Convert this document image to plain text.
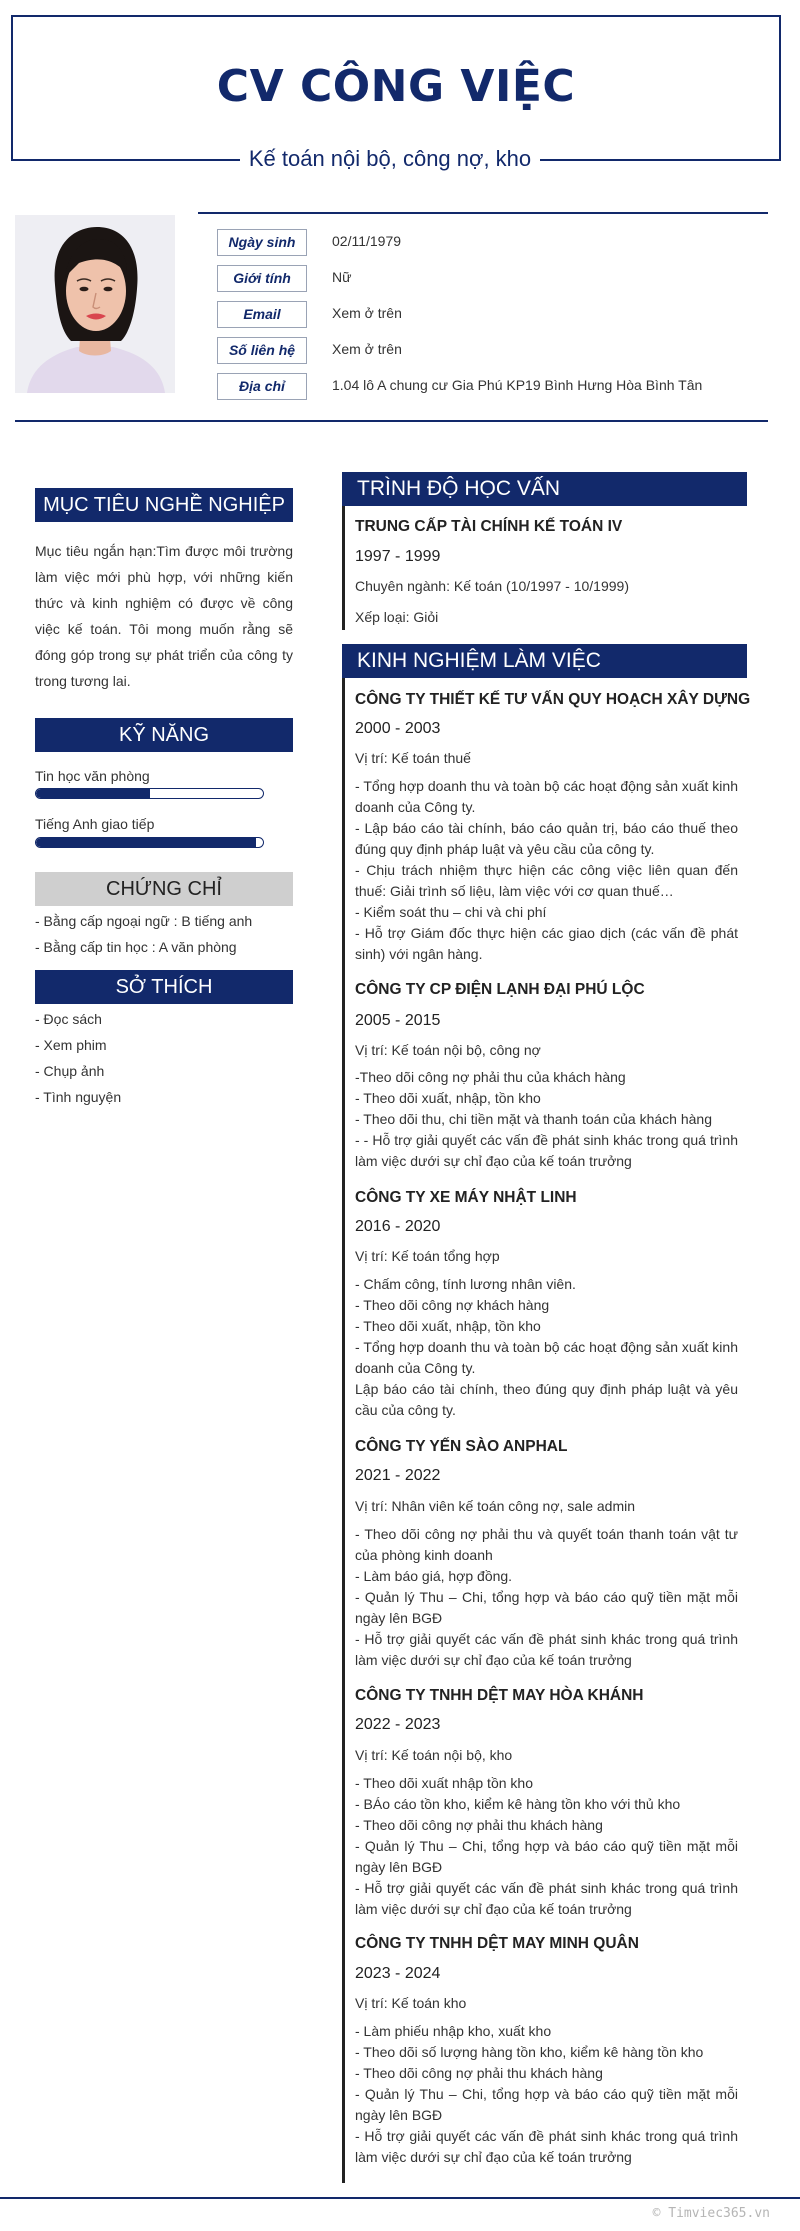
CV CÔNG VIỆC
Kế toán nội bộ, công nợ, kho
Ngày sinh	02/11/1979
Giới tính	Nữ
Email	Xem ở trên
Số liên hệ	Xem ở trên
Địa chỉ	1.04 lô A chung cư Gia Phú KP19 Bình Hưng Hòa Bình Tân
MỤC TIÊU NGHỀ NGHIỆP
Mục tiêu ngắn hạn:Tìm được môi trường làm việc mới phù hợp, với những kiến thức và kinh nghiệm có được về công việc kế toán. Tôi mong muốn rằng sẽ đóng góp trong sự phát triển của công ty trong tương lai.
KỸ NĂNG
Tin học văn phòng
Tiếng Anh giao tiếp
CHỨNG CHỈ
- Bằng cấp ngoại ngữ : B tiếng anh
- Bằng cấp tin học : A văn phòng
SỞ THÍCH
- Đọc sách
- Xem phim
- Chụp ảnh
- Tình nguyện
TRÌNH ĐỘ HỌC VẤN
TRUNG CẤP TÀI CHÍNH KẾ TOÁN IV
1997 - 1999
Chuyên ngành: Kế toán (10/1997 - 10/1999)
Xếp loại: Giỏi
KINH NGHIỆM LÀM VIỆC
CÔNG TY THIẾT KẾ TƯ VẤN QUY HOẠCH XÂY DỰNG
2000 - 2003
Vị trí: Kế toán thuế
- Tổng hợp doanh thu và toàn bộ các hoạt động sản xuất kinh doanh của Công ty.
- Lập báo cáo tài chính, báo cáo quản trị, báo cáo thuế theo đúng quy định pháp luật và yêu cầu của công ty.
- Chịu trách nhiệm thực hiện các công việc liên quan đến thuế: Giải trình số liệu, làm việc với cơ quan thuế…
- Kiểm soát thu – chi và chi phí
- Hỗ trợ Giám đốc thực hiện các giao dịch (các vấn đề phát sinh) với ngân hàng.
CÔNG TY CP ĐIỆN LẠNH ĐẠI PHÚ LỘC
2005 - 2015
Vị trí: Kế toán nội bộ, công nợ
-Theo dõi công nợ phải thu của khách hàng
- Theo dõi xuất, nhập, tồn kho
- Theo dõi thu, chi tiền mặt và thanh toán của khách hàng
- - Hỗ trợ giải quyết các vấn đề phát sinh khác trong quá trình làm việc dưới sự chỉ đạo của kế toán trưởng
CÔNG TY XE MÁY NHẬT LINH
2016 - 2020
Vị trí: Kế toán tổng hợp
- Chấm công, tính lương nhân viên.
- Theo dõi công nợ khách hàng
- Theo dõi xuất, nhập, tồn kho
- Tổng hợp doanh thu và toàn bộ các hoạt động sản xuất kinh doanh của Công ty.
Lập báo cáo tài chính, theo đúng quy định pháp luật và yêu cầu của công ty.
CÔNG TY YẾN SÀO ANPHAL
2021 - 2022
Vị trí: Nhân viên kế toán công nợ, sale admin
- Theo dõi công nợ phải thu và quyết toán thanh toán vật tư của phòng kinh doanh
- Làm báo giá, hợp đồng.
- Quản lý Thu – Chi, tổng hợp và báo cáo quỹ tiền mặt mỗi ngày lên BGĐ
- Hỗ trợ giải quyết các vấn đề phát sinh khác trong quá trình làm việc dưới sự chỉ đạo của kế toán trưởng
CÔNG TY TNHH DỆT MAY HÒA KHÁNH
2022 - 2023
Vị trí: Kế toán nội bộ, kho
- Theo dõi xuất nhập tồn kho
- BÁo cáo tồn kho, kiểm kê hàng tồn kho với thủ kho
- Theo dõi công nợ phải thu khách hàng
- Quản lý Thu – Chi, tổng hợp và báo cáo quỹ tiền mặt mỗi ngày lên BGĐ
- Hỗ trợ giải quyết các vấn đề phát sinh khác trong quá trình làm việc dưới sự chỉ đạo của kế toán trưởng
CÔNG TY TNHH DỆT MAY MINH QUÂN
2023 - 2024
Vị trí: Kế toán kho
- Làm phiếu nhập kho, xuất kho
- Theo dõi số lượng hàng tồn kho, kiểm kê hàng tồn kho
- Theo dõi công nợ phải thu khách hàng
- Quản lý Thu – Chi, tổng hợp và báo cáo quỹ tiền mặt mỗi ngày lên BGĐ
- Hỗ trợ giải quyết các vấn đề phát sinh khác trong quá trình làm việc dưới sự chỉ đạo của kế toán trưởng
© Timviec365.vn
